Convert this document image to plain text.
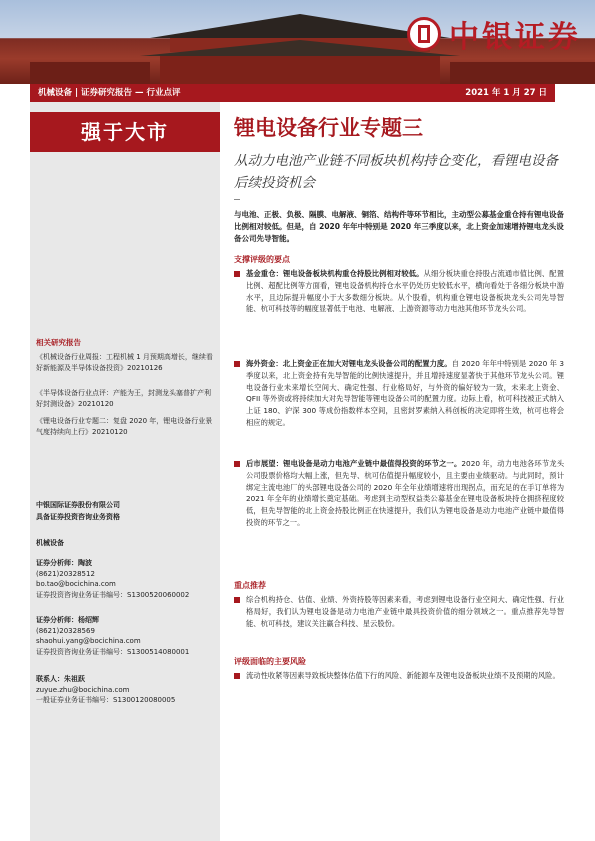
中银证券
机械设备 | 证券研究报告 — 行业点评	2021 年 1 月 27 日
强于大市
相关研究报告
《机械设备行业周报：工程机械 1 月预期高增长，继续看好新能源及半导体设备投资》20210126
《半导体设备行业点评：产能为王，封测龙头塞普扩产利好封测设备》20210120
《锂电设备行业专题二：复盘 2020 年，锂电设备行业景气度持续向上行》20210120
中银国际证券股份有限公司
具备证券投资咨询业务资格
机械设备
证券分析师：陶波
(8621)20328512
bo.tao@bocichina.com
证券投资咨询业务证书编号：S1300520060002
证券分析师：杨绍辉
(8621)20328569
shaohui.yang@bocichina.com
证券投资咨询业务证书编号：S1300514080001
联系人：朱祖跃
zuyue.zhu@bocichina.com
一般证券业务证书编号：S1300120080005
锂电设备行业专题三
从动力电池产业链不同板块机构持仓变化，看锂电设备后续投资机会
与电池、正极、负极、隔膜、电解液、铜箔、结构件等环节相比，主动型公募基金重仓持有锂电设备比例相对较低。但是，自 2020 年年中特别是 2020 年三季度以来，北上资金加速增持锂电龙头设备公司先导智能。
支撑评级的要点
基金重仓：锂电设备板块机构重仓持股比例相对较低。从细分板块重仓持股占流通市值比例、配置比例、超配比例等方面看，锂电设备机构持仓水平仍处历史较低水平，横向看处于各细分板块中游水平，且边际提升幅度小于大多数细分板块。从个股看，机构重仓锂电设备板块龙头公司先导智能、杭可科技等的幅度显著低于电池、电解液、上游资源等动力电池其他环节龙头公司。
海外资金：北上资金正在加大对锂电龙头设备公司的配置力度。自 2020 年年中特别是 2020 年 3 季度以来，北上资金持有先导智能的比例快速提升，并且增持速度显著快于其他环节龙头公司。锂电设备行业未来增长空间大、确定性强、行业格局好，与外资的偏好较为一致，未来北上资金、QFII 等外资或将持续加大对先导智能等锂电设备公司的配置力度。边际上看，杭可科技被正式纳入上证 180、沪深 300 等成份指数样本空间，且密封罗素纳入科创板的决定即将生效，杭可也将会相应的规定。
后市展望：锂电设备是动力电池产业链中最值得投资的环节之一。2020 年，动力电池各环节龙头公司股票价格均大幅上涨，但先导、杭可估值提升幅度较小，且主要由业绩驱动。与此同时，预计绑定主流电池厂的头部锂电设备公司的 2020 年全年业绩增速将出现拐点，而充足的在手订单将为 2021 年全年的业绩增长奠定基础。考虑到主动型权益类公募基金在锂电设备板块持仓拥挤程度较低，但先导智能的北上资金持股比例正在快速提升，我们认为锂电设备是动力电池产业链中最值得投资的环节之一。
重点推荐
综合机构持仓、估值、业绩、外资持股等因素来看，考虑到锂电设备行业空间大、确定性强、行业格局好，我们认为锂电设备是动力电池产业链中最具投资价值的细分领域之一。重点推荐先导智能、杭可科技，建议关注赢合科技、星云股份。
评级面临的主要风险
流动性收紧等因素导致板块整体估值下行的风险、新能源车及锂电设备板块业绩不及预期的风险。
